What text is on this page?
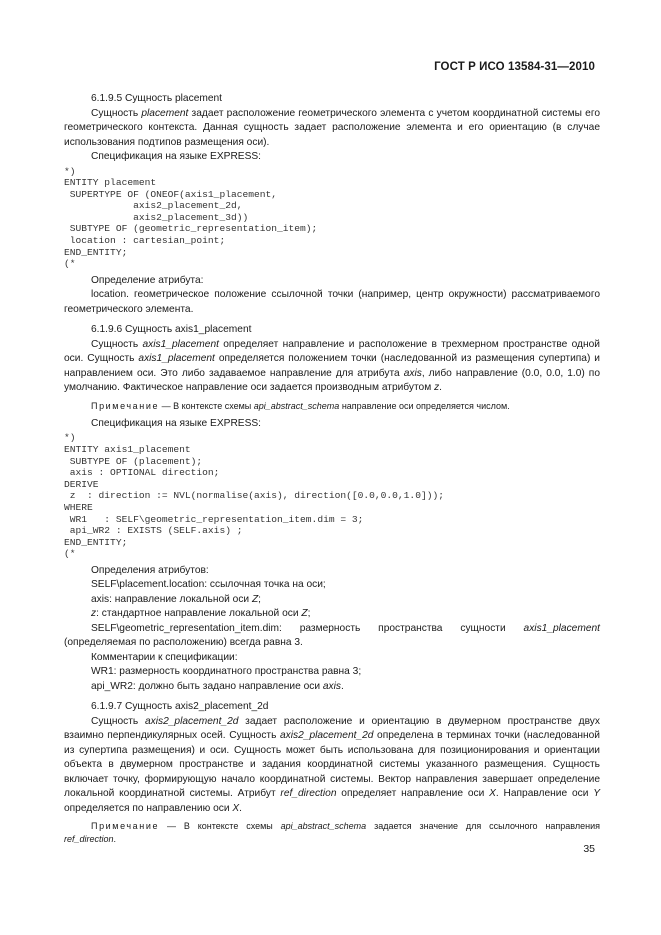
ГОСТ Р ИСО 13584-31—2010

6.1.9.5 Сущность placement

Сущность placement задает расположение геометрического элемента с учетом координатной системы его геометрического контекста. Данная сущность задает расположение элемента и его ориентацию (в случае использования подтипов размещения оси).

Спецификация на языке EXPRESS:

*)
ENTITY placement
SUPERTYPE OF (ONEOF(axis1_placement,
axis2_placement_2d,
axis2_placement_3d))
SUBTYPE OF (geometric_representation_item);
location : cartesian_point;
END_ENTITY;
(*

Определение атрибута:

location. геометрическое положение ссылочной точки (например, центр окружности) рассматриваемого геометрического элемента.

6.1.9.6 Сущность axis1_placement

Сущность axis1_placement определяет направление и расположение в трехмерном пространстве одной оси. Сущность axis1_placement определяется положением точки (наследованной из размещения супертипа) и направлением оси. Это либо задаваемое направление для атрибута axis, либо направление (0.0, 0.0, 1.0) по умолчанию. Фактическое направление оси задается производным атрибутом z.

Примечание — В контексте схемы api_abstract_schema направление оси определяется числом.

Спецификация на языке EXPRESS:

*)
ENTITY axis1_placement
SUBTYPE OF (placement);
axis : OPTIONAL direction;
DERIVE
z  : direction := NVL(normalise(axis), direction([0.0,0.0,1.0]));
WHERE
WR1   : SELF\geometric_representation_item.dim = 3;
api_WR2 : EXISTS (SELF.axis) ;
END_ENTITY;
(*

Определения атрибутов:

SELF\placement.location: ссылочная точка на оси;

axis: направление локальной оси Z;

z: стандартное направление локальной оси Z;

SELF\geometric_representation_item.dim: размерность пространства сущности axis1_placement (определяемая по расположению) всегда равна 3.

Комментарии к спецификации:

WR1: размерность координатного пространства равна 3;

api_WR2: должно быть задано направление оси axis.

6.1.9.7 Сущность axis2_placement_2d

Сущность axis2_placement_2d задает расположение и ориентацию в двумерном пространстве двух взаимно перпендикулярных осей. Сущность axis2_placement_2d определена в терминах точки (наследованной из супертипа размещения) и оси. Сущность может быть использована для позиционирования и ориентации объекта в двумерном пространстве и задания координатной системы указанного размещения. Сущность включает точку, формирующую начало координатной системы. Вектор направления завершает определение локальной координатной системы. Атрибут ref_direction определяет направление оси X. Направление оси Y определяется по направлению оси X.

Примечание — В контексте схемы api_abstract_schema задается значение для ссылочного направления ref_direction.

35
